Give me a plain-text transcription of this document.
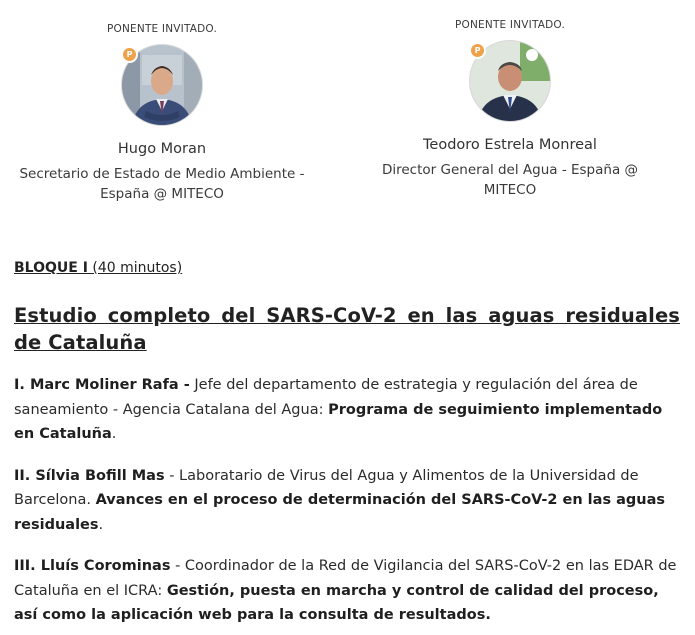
PONENTE INVITADO.
P
Hugo Moran
Secretario de Estado de Medio Ambiente - España @ MITECO
PONENTE INVITADO.
P
Teodoro Estrela Monreal
Director General del Agua - España @ MITECO
BLOQUE I (40 minutos)
Estudio completo del SARS-CoV-2 en las aguas residuales de Cataluña
I. Marc Moliner Rafa - Jefe del departamento de estrategia y regulación del área de saneamiento - Agencia Catalana del Agua: Programa de seguimiento implementado en Cataluña.
II. Sílvia Bofill Mas - Laboratario de Virus del Agua y Alimentos de la Universidad de Barcelona. Avances en el proceso de determinación del SARS-CoV-2 en las aguas residuales.
III. Lluís Corominas - Coordinador de la Red de Vigilancia del SARS-CoV-2 en las EDAR de Cataluña en el ICRA: Gestión, puesta en marcha y control de calidad del proceso, así como la aplicación web para la consulta de resultados.
